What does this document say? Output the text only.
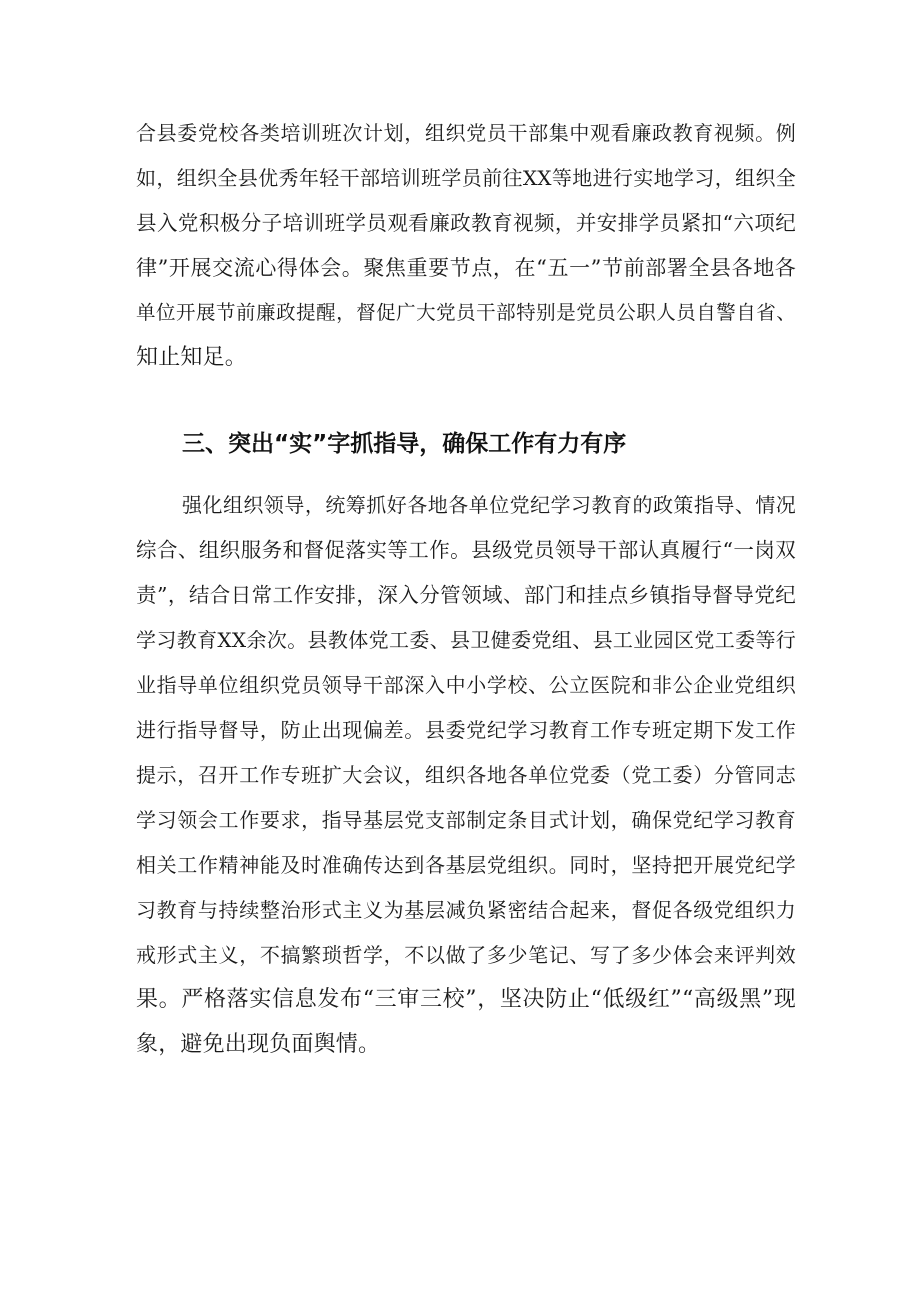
合县委党校各类培训班次计划，组织党员干部集中观看廉政教育视频。例

如，组织全县优秀年轻干部培训班学员前往XX等地进行实地学习，组织全

县入党积极分子培训班学员观看廉政教育视频，并安排学员紧扣“六项纪

律”开展交流心得体会。聚焦重要节点，在“五一”节前部署全县各地各

单位开展节前廉政提醒，督促广大党员干部特别是党员公职人员自警自省、

知止知足。

三、突出“实”字抓指导，确保工作有力有序

强化组织领导，统筹抓好各地各单位党纪学习教育的政策指导、情况

综合、组织服务和督促落实等工作。县级党员领导干部认真履行“一岗双

责”，结合日常工作安排，深入分管领域、部门和挂点乡镇指导督导党纪

学习教育XX余次。县教体党工委、县卫健委党组、县工业园区党工委等行

业指导单位组织党员领导干部深入中小学校、公立医院和非公企业党组织

进行指导督导，防止出现偏差。县委党纪学习教育工作专班定期下发工作

提示，召开工作专班扩大会议，组织各地各单位党委（党工委）分管同志

学习领会工作要求，指导基层党支部制定条目式计划，确保党纪学习教育

相关工作精神能及时准确传达到各基层党组织。同时，坚持把开展党纪学

习教育与持续整治形式主义为基层减负紧密结合起来，督促各级党组织力

戒形式主义，不搞繁琐哲学，不以做了多少笔记、写了多少体会来评判效

果。严格落实信息发布“三审三校”，坚决防止“低级红”“高级黑”现

象，避免出现负面舆情。
